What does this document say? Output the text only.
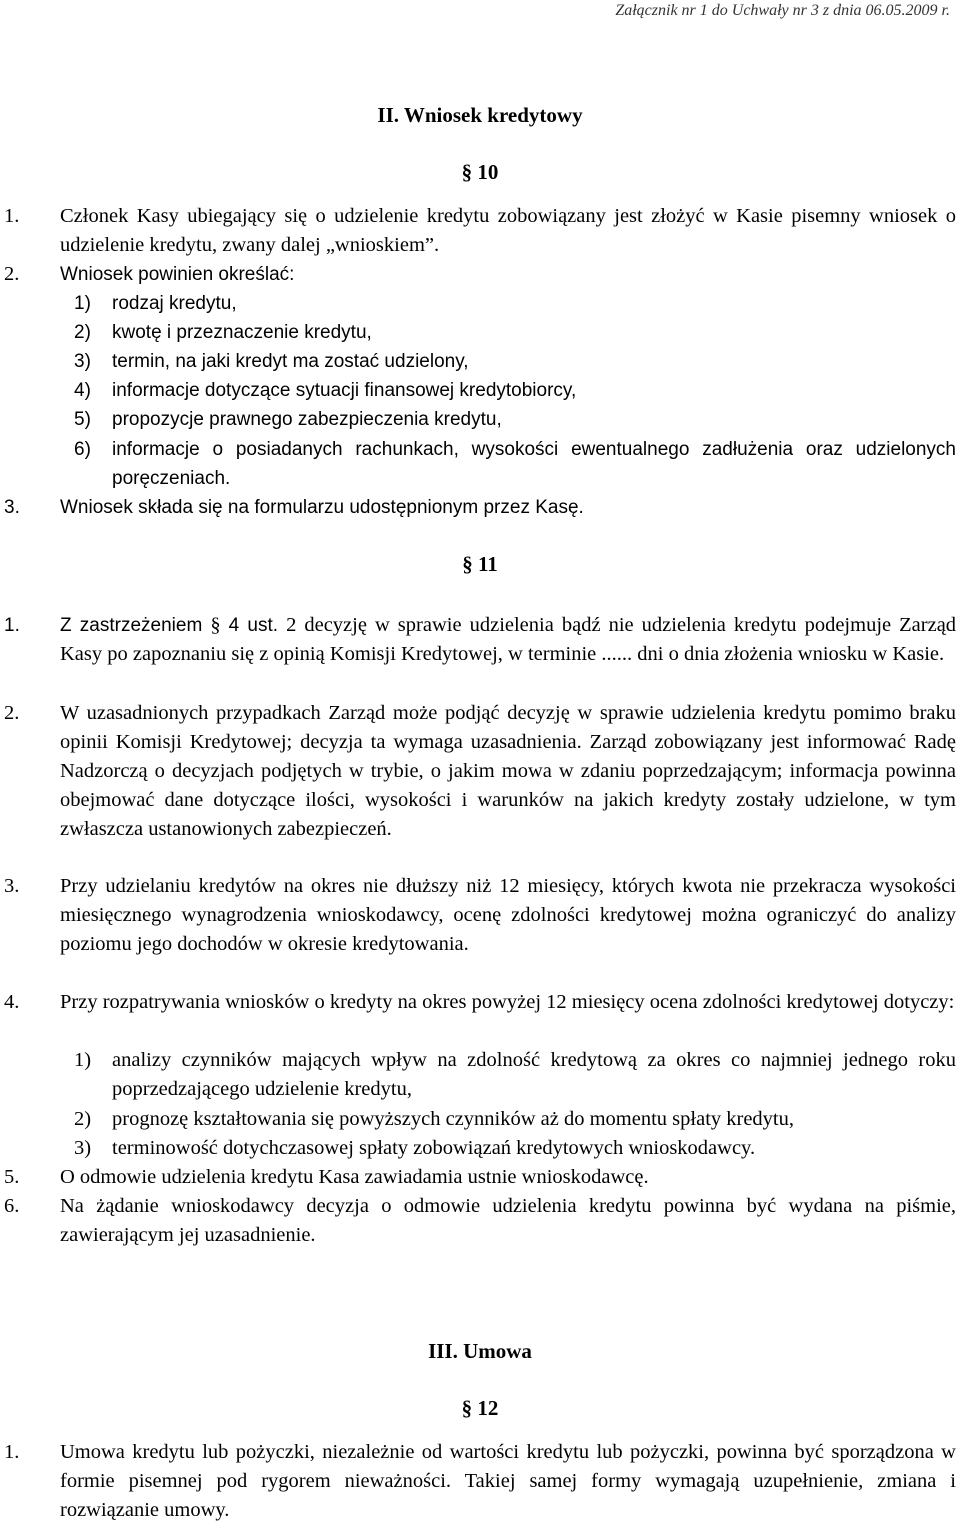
Załącznik nr 1 do Uchwały nr 3 z dnia 06.05.2009 r.
II. Wniosek kredytowy
§ 10
1. Członek Kasy ubiegający się o udzielenie kredytu zobowiązany jest złożyć w Kasie pisemny wniosek o udzielenie kredytu, zwany dalej „wnioskiem”.
2. Wniosek powinien określać:
1) rodzaj kredytu,
2) kwotę i przeznaczenie kredytu,
3) termin, na jaki kredyt ma zostać udzielony,
4) informacje dotyczące sytuacji finansowej kredytobiorcy,
5) propozycje prawnego zabezpieczenia kredytu,
6) informacje o posiadanych rachunkach, wysokości ewentualnego zadłużenia oraz udzielonych poręczeniach.
3. Wniosek składa się na formularzu udostępnionym przez Kasę.
§ 11
1. Z zastrzeżeniem § 4 ust. 2 decyzję w sprawie udzielenia bądź nie udzielenia kredytu podejmuje Zarząd Kasy po zapoznaniu się z opinią Komisji Kredytowej, w terminie ...... dni o dnia złożenia wniosku w Kasie.
2. W uzasadnionych przypadkach Zarząd może podjąć decyzję w sprawie udzielenia kredytu pomimo braku opinii Komisji Kredytowej; decyzja ta wymaga uzasadnienia. Zarząd zobowiązany jest informować Radę Nadzorczą o decyzjach podjętych w trybie, o jakim mowa w zdaniu poprzedzającym; informacja powinna obejmować dane dotyczące ilości, wysokości i warunków na jakich kredyty zostały udzielone, w tym zwłaszcza ustanowionych zabezpieczeń.
3. Przy udzielaniu kredytów na okres nie dłuższy niż 12 miesięcy, których kwota nie przekracza wysokości miesięcznego wynagrodzenia wnioskodawcy, ocenę zdolności kredytowej można ograniczyć do analizy poziomu jego dochodów w okresie kredytowania.
4. Przy rozpatrywania wniosków o kredyty na okres powyżej 12 miesięcy ocena zdolności kredytowej dotyczy:
1) analizy czynników mających wpływ na zdolność kredytową za okres co najmniej jednego roku poprzedzającego udzielenie kredytu,
2) prognozę kształtowania się powyższych czynników aż do momentu spłaty kredytu,
3) terminowość dotychczasowej spłaty zobowiązań kredytowych wnioskodawcy.
5. O odmowie udzielenia kredytu Kasa zawiadamia ustnie wnioskodawcę.
6. Na żądanie wnioskodawcy decyzja o odmowie udzielenia kredytu powinna być wydana na piśmie, zawierającym jej uzasadnienie.
III. Umowa
§ 12
1. Umowa kredytu lub pożyczki, niezależnie od wartości kredytu lub pożyczki, powinna być sporządzona w formie pisemnej pod rygorem nieważności. Takiej samej formy wymagają uzupełnienie, zmiana i rozwiązanie umowy.
